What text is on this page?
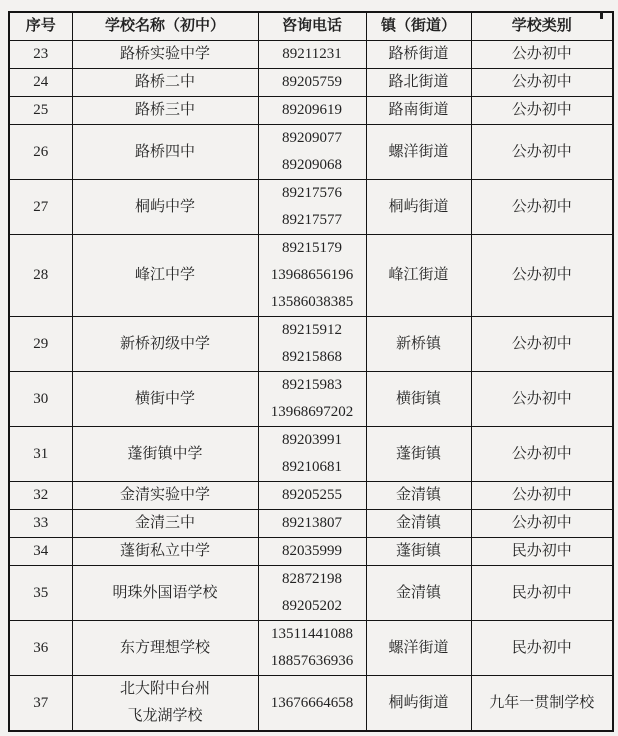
序号	学校名称（初中）	咨询电话	镇（街道）	学校类别

23	路桥实验中学	89211231	路桥街道	公办初中

24	路桥二中	89205759	路北街道	公办初中

25	路桥三中	89209619	路南街道	公办初中

26	路桥四中	89209077
89209068	螺洋街道	公办初中

27	桐屿中学	89217576
89217577	桐屿街道	公办初中

28	峰江中学	89215179
13968656196
13586038385	峰江街道	公办初中

29	新桥初级中学	89215912
89215868	新桥镇	公办初中

30	横街中学	89215983
13968697202	横街镇	公办初中

31	蓬街镇中学	89203991
89210681	蓬街镇	公办初中

32	金清实验中学	89205255	金清镇	公办初中

33	金清三中	89213807	金清镇	公办初中

34	蓬街私立中学	82035999	蓬街镇	民办初中

35	明珠外国语学校	82872198
89205202	金清镇	民办初中

36	东方理想学校	13511441088
18857636936	螺洋街道	民办初中

37	北大附中台州
飞龙湖学校	13676664658	桐屿街道	九年一贯制学校
